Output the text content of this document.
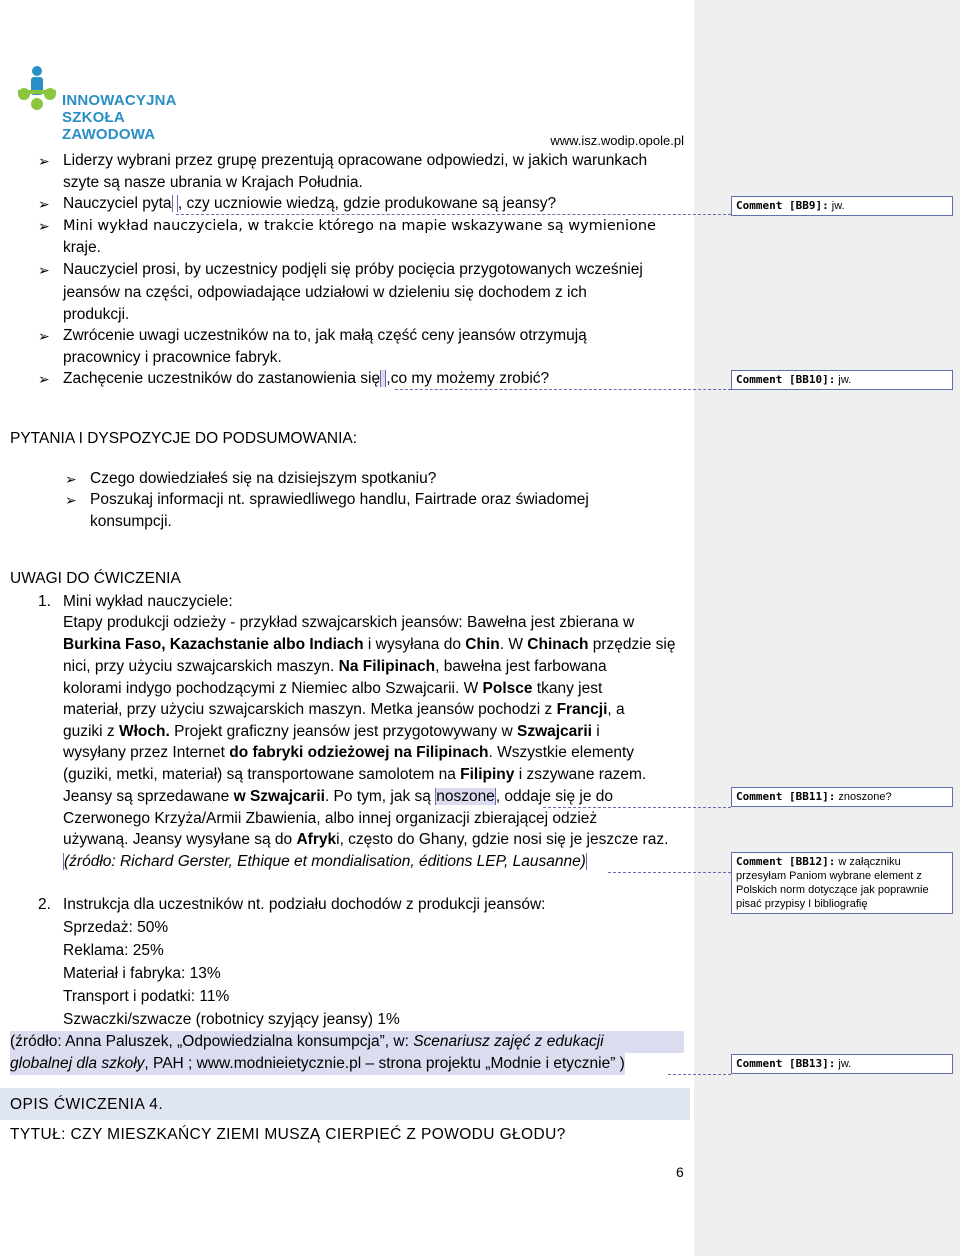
INNOWACYJNA
SZKOŁA ZAWODOWA	www.isz.wodip.opole.pl
➢ Liderzy wybrani przez grupę prezentują opracowane odpowiedzi, w jakich warunkach
szyte są nasze ubrania w Krajach Południa.
➢ Nauczyciel pyta , czy uczniowie wiedzą, gdzie produkowane są jeansy?
➢ Mini wykład nauczyciela, w trakcie którego na mapie wskazywane są wymienione
kraje.
➢ Nauczyciel prosi, by uczestnicy podjęli się próby pocięcia przygotowanych wcześniej
jeansów na części, odpowiadające udziałowi w dzieleniu się dochodem z ich
produkcji.
➢ Zwrócenie uwagi uczestników na to, jak małą część ceny jeansów otrzymują
pracownicy i pracownice fabryk.
➢ Zachęcenie uczestników do zastanowienia się ,co my możemy zrobić?
PYTANIA I DYSPOZYCJE DO PODSUMOWANIA:
➢ Czego dowiedziałeś się na dzisiejszym spotkaniu?
➢ Poszukaj informacji nt. sprawiedliwego handlu, Fairtrade oraz świadomej
konsumpcji.
UWAGI DO ĆWICZENIA
1. Mini wykład nauczyciele:
Etapy produkcji odzieży - przykład szwajcarskich jeansów: Bawełna jest zbierana w
Burkina Faso, Kazachstanie albo Indiach i wysyłana do Chin. W Chinach przędzie się
nici, przy użyciu szwajcarskich maszyn. Na Filipinach, bawełna jest farbowana
kolorami indygo pochodzącymi z Niemiec albo Szwajcarii. W Polsce tkany jest
materiał, przy użyciu szwajcarskich maszyn. Metka jeansów pochodzi z Francji, a
guziki z Włoch. Projekt graficzny jeansów jest przygotowywany w Szwajcarii i
wysyłany przez Internet do fabryki odzieżowej na Filipinach. Wszystkie elementy
(guziki, metki, materiał) są transportowane samolotem na Filipiny i zszywane razem.
Jeansy są sprzedawane w Szwajcarii. Po tym, jak są noszone, oddaje się je do
Czerwonego Krzyża/Armii Zbawienia, albo innej organizacji zbierającej odzież
używaną. Jeansy wysyłane są do Afryki, często do Ghany, gdzie nosi się je jeszcze raz.
(źródło: Richard Gerster, Ethique et mondialisation, éditions LEP, Lausanne)
2. Instrukcja dla uczestników nt. podziału dochodów z produkcji jeansów:
Sprzedaż: 50%
Reklama: 25%
Materiał i fabryka: 13%
Transport i podatki: 11%
Szwaczki/szwacze (robotnicy szyjący jeansy) 1%
(źródło: Anna Paluszek, „Odpowiedzialna konsumpcja”, w: Scenariusz zajęć z edukacji
globalnej dla szkoły, PAH ; www.modnieietycznie.pl – strona projektu „Modnie i etycznie” )
OPIS ĆWICZENIA 4.
TYTUŁ: CZY MIESZKAŃCY ZIEMI MUSZĄ CIERPIEĆ Z POWODU GŁODU?
6
Comment [BB9]: jw.
Comment [BB10]: jw.
Comment [BB11]: znoszone?
Comment [BB12]: w załączniku przesyłam Paniom wybrane element z Polskich norm dotyczące jak poprawnie pisać przypisy I bibliografię
Comment [BB13]: jw.
